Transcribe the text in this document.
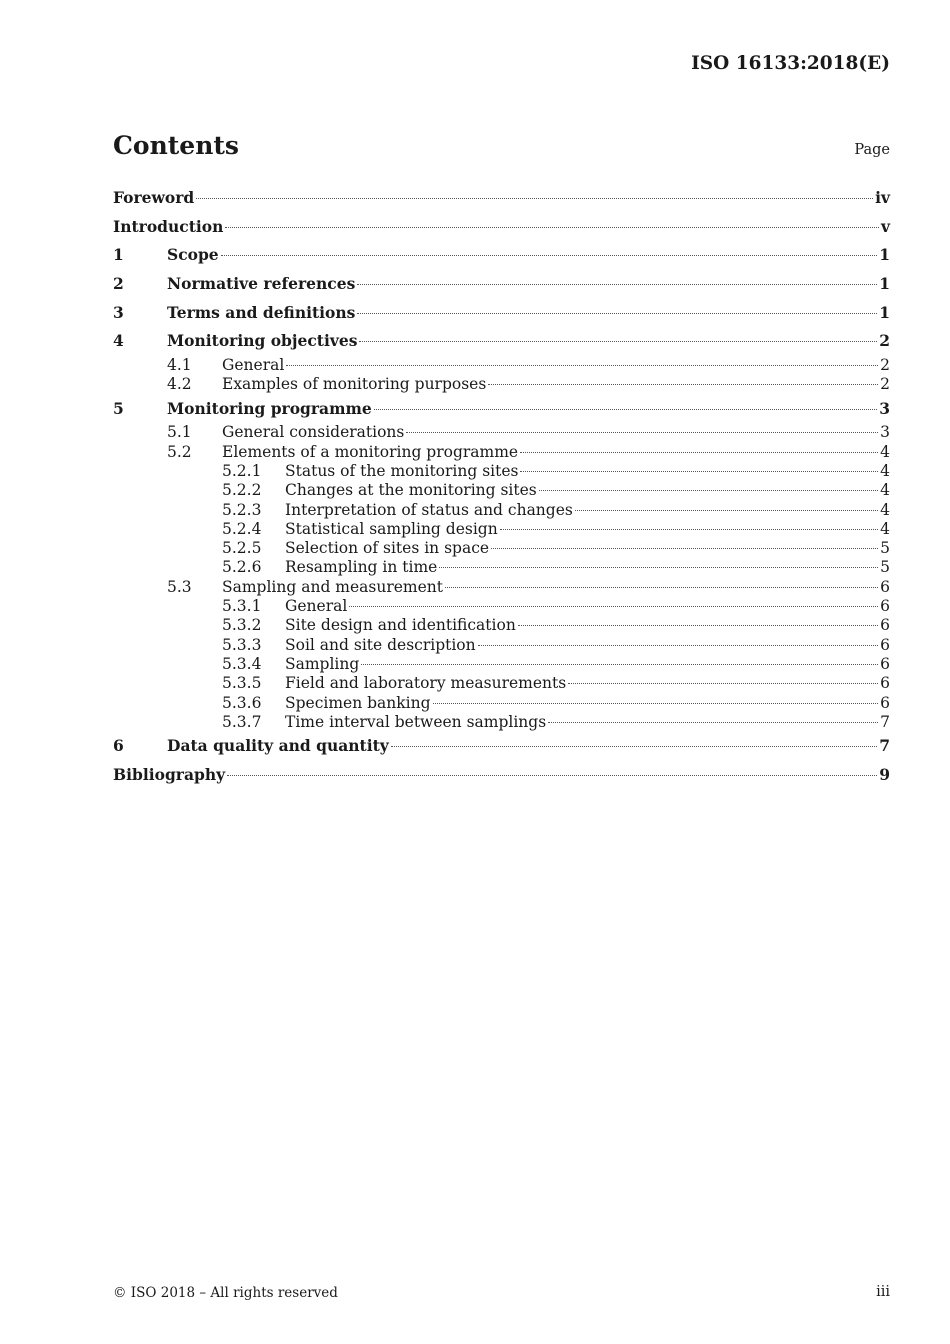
ISO 16133:2018(E)
Contents	Page
Foreword	iv
Introduction	v
1	Scope	1
2	Normative references	1
3	Terms and definitions	1
4	Monitoring objectives	2
4.1	General	2
4.2	Examples of monitoring purposes	2
5	Monitoring programme	3
5.1	General considerations	3
5.2	Elements of a monitoring programme	4
5.2.1	Status of the monitoring sites	4
5.2.2	Changes at the monitoring sites	4
5.2.3	Interpretation of status and changes	4
5.2.4	Statistical sampling design	4
5.2.5	Selection of sites in space	5
5.2.6	Resampling in time	5
5.3	Sampling and measurement	6
5.3.1	General	6
5.3.2	Site design and identification	6
5.3.3	Soil and site description	6
5.3.4	Sampling	6
5.3.5	Field and laboratory measurements	6
5.3.6	Specimen banking	6
5.3.7	Time interval between samplings	7
6	Data quality and quantity	7
Bibliography	9
© ISO 2018 – All rights reserved	iii
